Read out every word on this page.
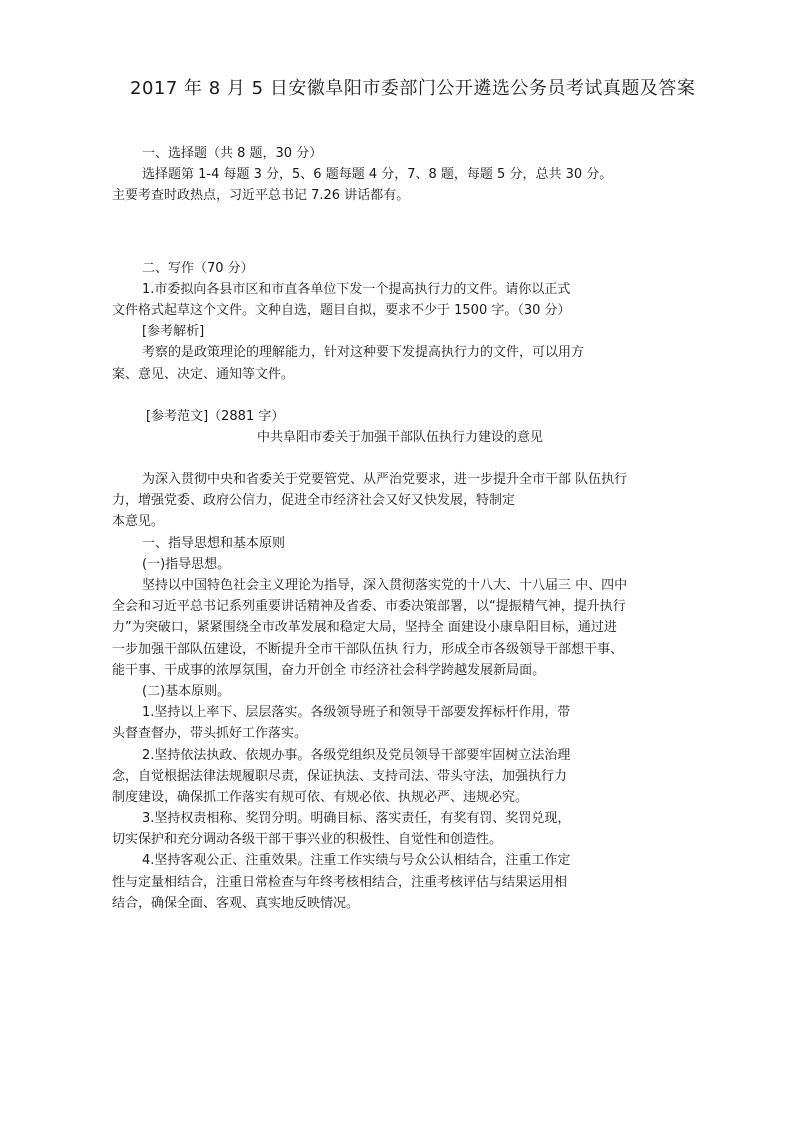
2017 年 8 月 5 日安徽阜阳市委部门公开遴选公务员考试真题及答案
一、选择题（共 8 题，30 分）
选择题第 1-4 每题 3 分，5、6 题每题 4 分，7、8 题，每题 5 分，总共 30 分。
主要考查时政热点，习近平总书记 7.26 讲话都有。
二、写作（70 分）
1.市委拟向各县市区和市直各单位下发一个提高执行力的文件。请你以正式
文件格式起草这个文件。文种自选，题目自拟，要求不少于 1500 字。（30 分）
[参考解析]
考察的是政策理论的理解能力，针对这种要下发提高执行力的文件，可以用方
案、意见、决定、通知等文件。
[参考范文]（2881 字）
中共阜阳市委关于加强干部队伍执行力建设的意见
为深入贯彻中央和省委关于党要管党、从严治党要求，进一步提升全市干部 队伍执行
力，增强党委、政府公信力，促进全市经济社会又好又快发展，特制定
本意见。
一、指导思想和基本原则
(一)指导思想。
坚持以中国特色社会主义理论为指导，深入贯彻落实党的十八大、十八届三 中、四中
全会和习近平总书记系列重要讲话精神及省委、市委决策部署，以“提振精气神，提升执行
力”为突破口，紧紧围绕全市改革发展和稳定大局，坚持全 面建设小康阜阳目标，通过进
一步加强干部队伍建设，不断提升全市干部队伍执 行力，形成全市各级领导干部想干事、
能干事、干成事的浓厚氛围，奋力开创全 市经济社会科学跨越发展新局面。
(二)基本原则。
1.坚持以上率下、层层落实。各级领导班子和领导干部要发挥标杆作用，带
头督查督办，带头抓好工作落实。
2.坚持依法执政、依规办事。各级党组织及党员领导干部要牢固树立法治理
念，自觉根据法律法规履职尽责，保证执法、支持司法、带头守法，加强执行力
制度建设，确保抓工作落实有规可依、有规必依、执规必严、违规必究。
3.坚持权责相称、奖罚分明。明确目标、落实责任，有奖有罚、奖罚兑现，
切实保护和充分调动各级干部干事兴业的积极性、自觉性和创造性。
4.坚持客观公正、注重效果。注重工作实绩与号众公认相结合，注重工作定
性与定量相结合，注重日常检查与年终考核相结合，注重考核评估与结果运用相
结合，确保全面、客观、真实地反映情况。
